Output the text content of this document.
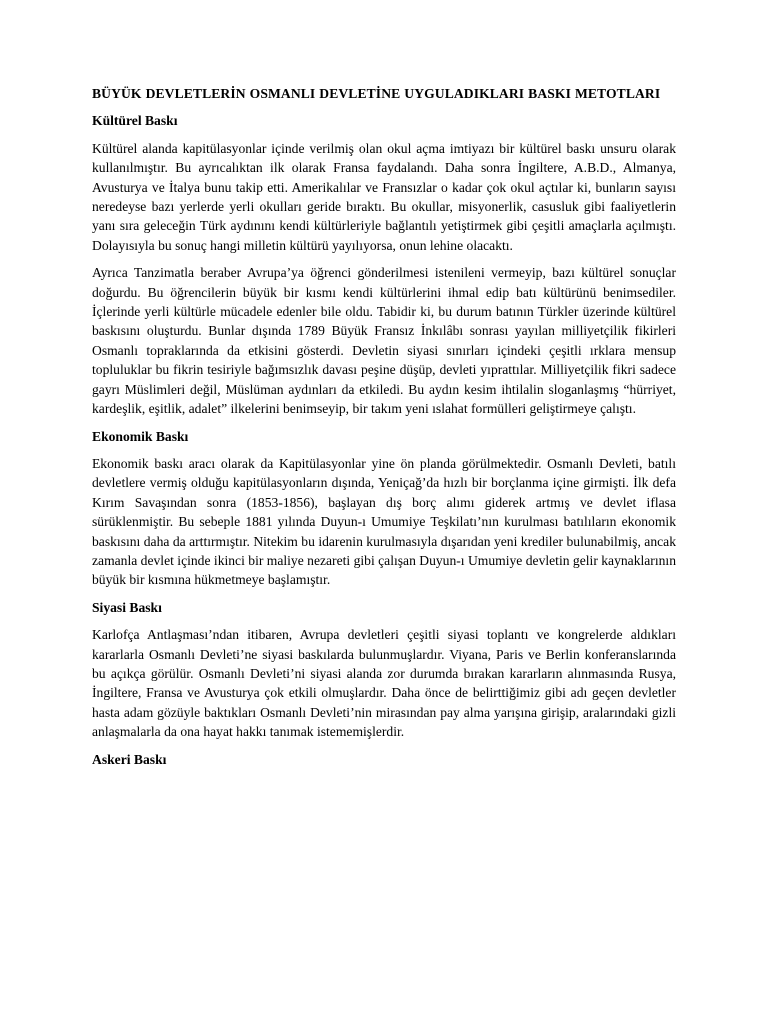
BÜYÜK DEVLETLERİN OSMANLI DEVLETİNE UYGULADIKLARI BASKI METOTLARI
Kültürel Baskı

Kültürel alanda kapitülasyonlar içinde verilmiş olan okul açma imtiyazı bir kültürel baskı unsuru olarak kullanılmıştır. Bu ayrıcalıktan ilk olarak Fransa faydalandı. Daha sonra İngiltere, A.B.D., Almanya, Avusturya ve İtalya bunu takip etti. Amerikalılar ve Fransızlar o kadar çok okul açtılar ki, bunların sayısı neredeyse bazı yerlerde yerli okulları geride bıraktı. Bu okullar, misyonerlik, casusluk gibi faaliyetlerin yanı sıra geleceğin Türk aydınını kendi kültürleriyle bağlantılı yetiştirmek gibi çeşitli amaçlarla açılmıştı. Dolayısıyla bu sonuç hangi milletin kültürü yayılıyorsa, onun lehine olacaktı.

Ayrıca Tanzimatla beraber Avrupa’ya öğrenci gönderilmesi istenileni vermeyip, bazı kültürel sonuçlar doğurdu. Bu öğrencilerin büyük bir kısmı kendi kültürlerini ihmal edip batı kültürünü benimsediler. İçlerinde yerli kültürle mücadele edenler bile oldu. Tabidir ki, bu durum batının Türkler üzerinde kültürel baskısını oluşturdu. Bunlar dışında 1789 Büyük Fransız İnkılâbı sonrası yayılan milliyetçilik fikirleri Osmanlı topraklarında da etkisini gösterdi. Devletin siyasi sınırları içindeki çeşitli ırklara mensup topluluklar bu fikrin tesiriyle bağımsızlık davası peşine düşüp, devleti yıprattılar. Milliyetçilik fikri sadece gayrı Müslimleri değil, Müslüman aydınları da etkiledi. Bu aydın kesim ihtilalin sloganlaşmış “hürriyet, kardeşlik, eşitlik, adalet” ilkelerini benimseyip, bir takım yeni ıslahat formülleri geliştirmeye çalıştı.

Ekonomik Baskı

Ekonomik baskı aracı olarak da Kapitülasyonlar yine ön planda görülmektedir. Osmanlı Devleti, batılı devletlere vermiş olduğu kapitülasyonların dışında, Yeniçağ’da hızlı bir borçlanma içine girmişti. İlk defa Kırım Savaşından sonra (1853-1856), başlayan dış borç alımı giderek artmış ve devlet iflasa sürüklenmiştir. Bu sebeple 1881 yılında Duyun-ı Umumiye Teşkilatı’nın kurulması batılıların ekonomik baskısını daha da arttırmıştır. Nitekim bu idarenin kurulmasıyla dışarıdan yeni krediler bulunabilmiş, ancak zamanla devlet içinde ikinci bir maliye nezareti gibi çalışan Duyun-ı Umumiye devletin gelir kaynaklarının büyük bir kısmına hükmetmeye başlamıştır.

Siyasi Baskı

Karlofça Antlaşması’ndan itibaren, Avrupa devletleri çeşitli siyasi toplantı ve kongrelerde aldıkları kararlarla Osmanlı Devleti’ne siyasi baskılarda bulunmuşlardır. Viyana, Paris ve Berlin konferanslarında bu açıkça görülür. Osmanlı Devleti’ni siyasi alanda zor durumda bırakan kararların alınmasında Rusya, İngiltere, Fransa ve Avusturya çok etkili olmuşlardır. Daha önce de belirttiğimiz gibi adı geçen devletler hasta adam gözüyle baktıkları Osmanlı Devleti’nin mirasından pay alma yarışına girişip, aralarındaki gizli anlaşmalarla da ona hayat hakkı tanımak istememişlerdir.

Askeri Baskı
